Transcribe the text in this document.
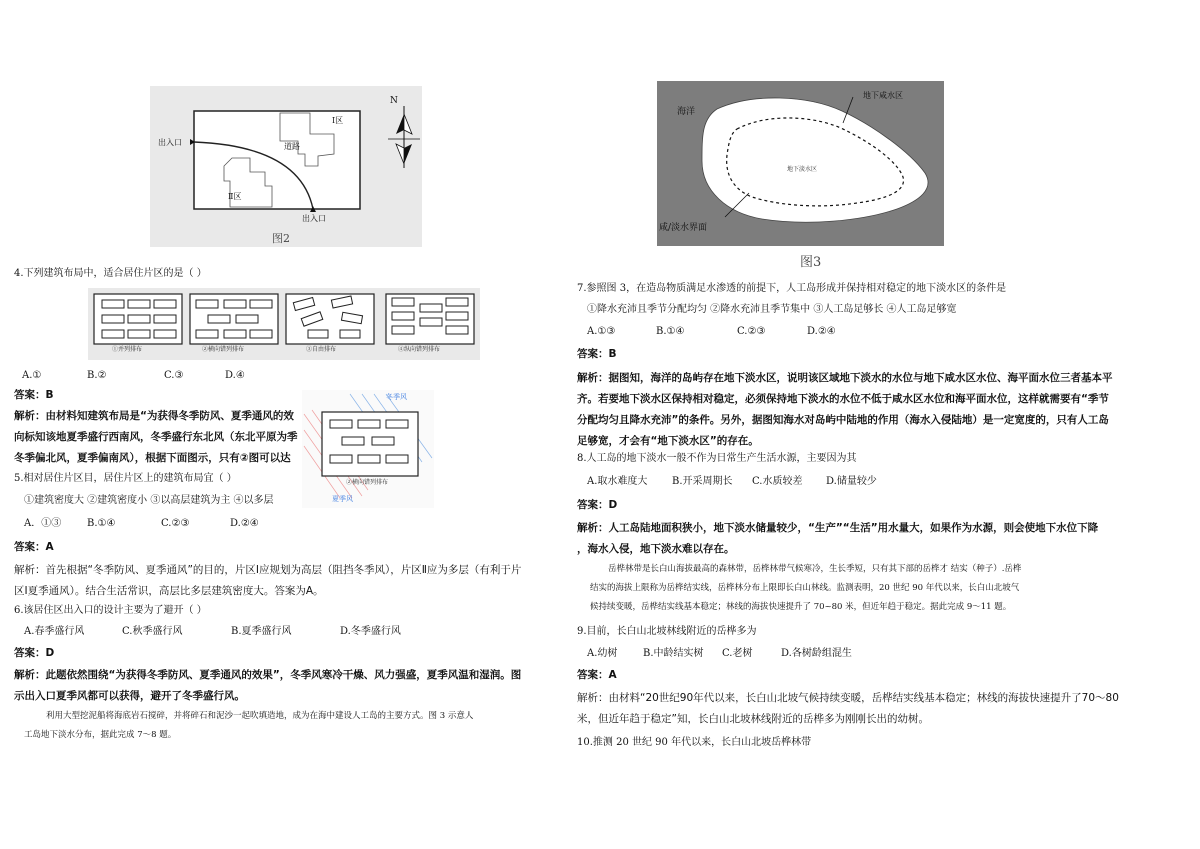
N
Ⅰ区
道路
Ⅱ区
出入口
出入口
图2
4.下列建筑布局中，适合居住片区的是（ ）
①并列排布	②横向错列排布	③自由排布	④纵向错列排布
A.①	B.②	C.③	D.④
答案：B
解析：由材料知建筑布局是“为获得冬季防风、夏季通风的效
向标知该地夏季盛行西南风，冬季盛行东北风（东北平原为季
冬季偏北风，夏季偏南风），根据下面图示，只有②图可以达
冬季风
夏季风
②横向错列排布
5.相对居住片区目，居住片区上的建筑布局宜（ ）
①建筑密度大 ②建筑密度小 ③以高层建筑为主 ④以多层
A．①③	B.①④	C.②③	D.②④
答案：A
解析：首先根据“冬季防风、夏季通风”的目的，片区Ⅰ应规划为高层（阻挡冬季风），片区Ⅱ应为多层（有利于片
区Ⅰ夏季通风）。结合生活常识，高层比多层建筑密度大。答案为A。
6.该居住区出入口的设计主要为了避开（ ）
A.春季盛行风	C.秋季盛行风	B.夏季盛行风	D.冬季盛行风
答案：D
解析：此题依然围绕“为获得冬季防风、夏季通风的效果”，冬季风寒冷干燥、风力强盛，夏季风温和湿润。图
示出入口夏季风都可以获得，避开了冬季盛行风。
利用大型挖泥船将海底岩石搅碎，并将碎石和泥沙一起吹填造地，成为在海中建设人工岛的主要方式。图 3 示意人
工岛地下淡水分布，据此完成 7～8 题。
海洋
地下咸水区
地下淡水区
咸/淡水界面
图3
7.参照图 3，在造岛物质满足水渗透的前提下，人工岛形成并保持相对稳定的地下淡水区的条件是
①降水充沛且季节分配均匀 ②降水充沛且季节集中 ③人工岛足够长 ④人工岛足够宽
A.①③	B.①④	C.②③	D.②④
答案：B
解析：据图知，海洋的岛屿存在地下淡水区，说明该区域地下淡水的水位与地下咸水区水位、海平面水位三者基本平
齐。若要地下淡水区保持相对稳定，必须保持地下淡水的水位不低于咸水区水位和海平面水位，这样就需要有“季节
分配均匀且降水充沛”的条件。另外，据图知海水对岛屿中陆地的作用（海水入侵陆地）是一定宽度的，只有人工岛
足够宽，才会有“地下淡水区”的存在。
8.人工岛的地下淡水一般不作为日常生产生活水源，主要因为其
A.取水难度大 B.开采周期长 C.水质较差 D.储量较少
答案：D
解析：人工岛陆地面积狭小，地下淡水储量较少，“生产”“生活”用水量大，如果作为水源，则会使地下水位下降
，海水入侵，地下淡水难以存在。
岳桦林带是长白山海拔最高的森林带，岳桦林带气候寒冷，生长季短，只有其下部的岳桦才 结实（种子）.岳桦
结实的海拔上限称为岳桦结实线，岳桦林分布上限即长白山林线。监测表明，20 世纪 90 年代以来，长白山北坡气
候持续变暖，岳桦结实线基本稳定；林线的海拔快速提升了 70~80 米，但近年趋于稳定。据此完成 9～11 题。
9.目前，长白山北坡林线附近的岳桦多为
A.幼树	B.中龄结实树 C.老树	D.各树龄组混生
答案：A
解析：由材料“20世纪90年代以来，长白山北坡气候持续变暖，岳桦结实线基本稳定；林线的海拔快速提升了70～80
米，但近年趋于稳定”知，长白山北坡林线附近的岳桦多为刚刚长出的幼树。
10.推测 20 世纪 90 年代以来，长白山北坡岳桦林带
